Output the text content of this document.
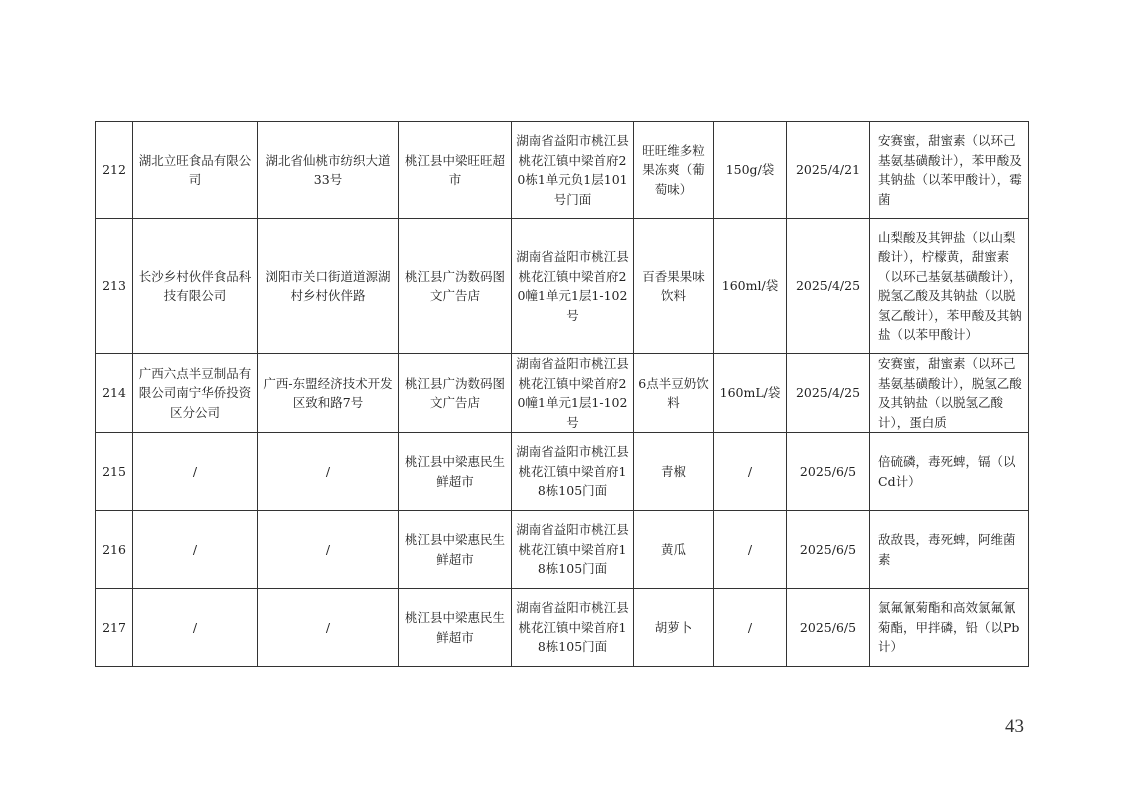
212	湖北立旺食品有限公司	湖北省仙桃市纺织大道33号	桃江县中梁旺旺超市	湖南省益阳市桃江县桃花江镇中梁首府20栋1单元负1层101号门面	旺旺维多粒果冻爽（葡萄味）	150g/袋	2025/4/21	安赛蜜，甜蜜素（以环己基氨基磺酸计），苯甲酸及其钠盐（以苯甲酸计），霉菌
213	长沙乡村伙伴食品科技有限公司	浏阳市关口街道道源湖村乡村伙伴路	桃江县广沩数码图文广告店	湖南省益阳市桃江县桃花江镇中梁首府20幢1单元1层1-102号	百香果果味饮料	160ml/袋	2025/4/25	山梨酸及其钾盐（以山梨酸计），柠檬黄，甜蜜素（以环己基氨基磺酸计），脱氢乙酸及其钠盐（以脱氢乙酸计），苯甲酸及其钠盐（以苯甲酸计）
214	广西六点半豆制品有限公司南宁华侨投资区分公司	广西-东盟经济技术开发区致和路7号	桃江县广沩数码图文广告店	湖南省益阳市桃江县桃花江镇中梁首府20幢1单元1层1-102号	6点半豆奶饮料	160mL/袋	2025/4/25	安赛蜜，甜蜜素（以环己基氨基磺酸计），脱氢乙酸及其钠盐（以脱氢乙酸计），蛋白质
215	/	/	桃江县中梁惠民生鲜超市	湖南省益阳市桃江县桃花江镇中梁首府18栋105门面	青椒	/	2025/6/5	倍硫磷，毒死蜱，镉（以Cd计）
216	/	/	桃江县中梁惠民生鲜超市	湖南省益阳市桃江县桃花江镇中梁首府18栋105门面	黄瓜	/	2025/6/5	敌敌畏，毒死蜱，阿维菌素
217	/	/	桃江县中梁惠民生鲜超市	湖南省益阳市桃江县桃花江镇中梁首府18栋105门面	胡萝卜	/	2025/6/5	氯氟氰菊酯和高效氯氟氰菊酯，甲拌磷，铅（以Pb计）
43
